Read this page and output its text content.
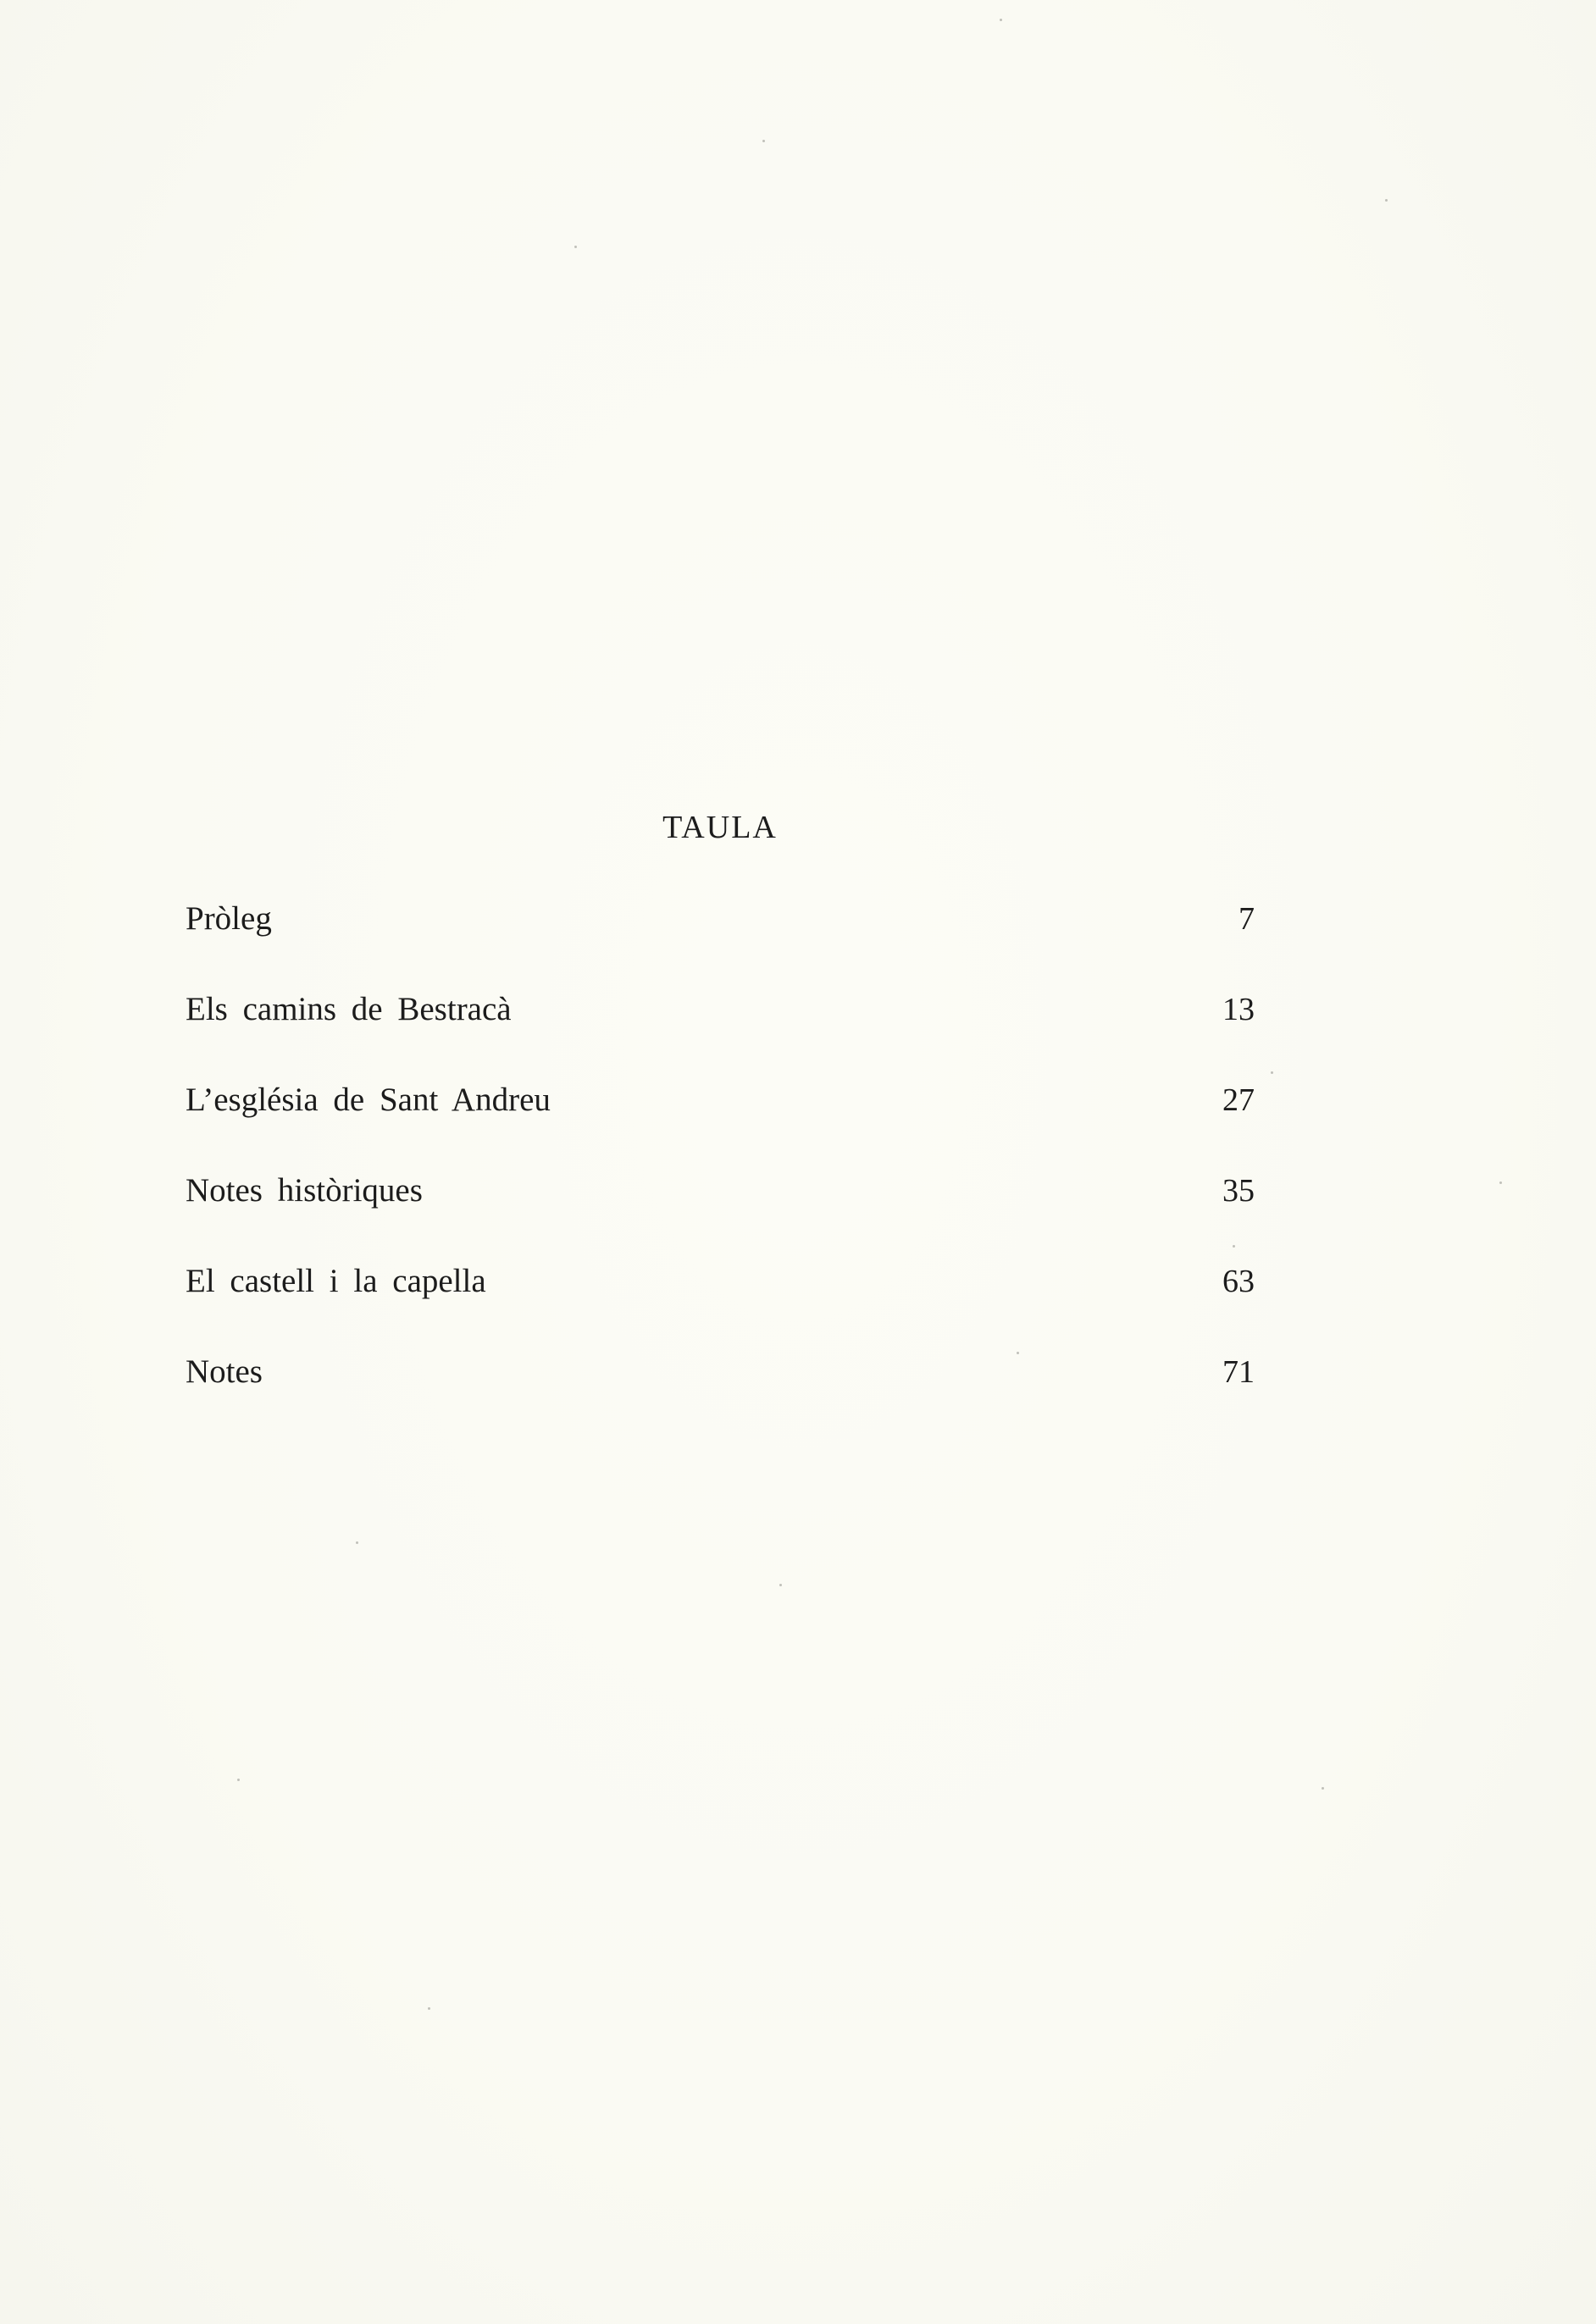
TAULA
Pròleg	7
Els camins de Bestracà	13
L’església de Sant Andreu	27
Notes històriques	35
El castell i la capella	63
Notes	71
